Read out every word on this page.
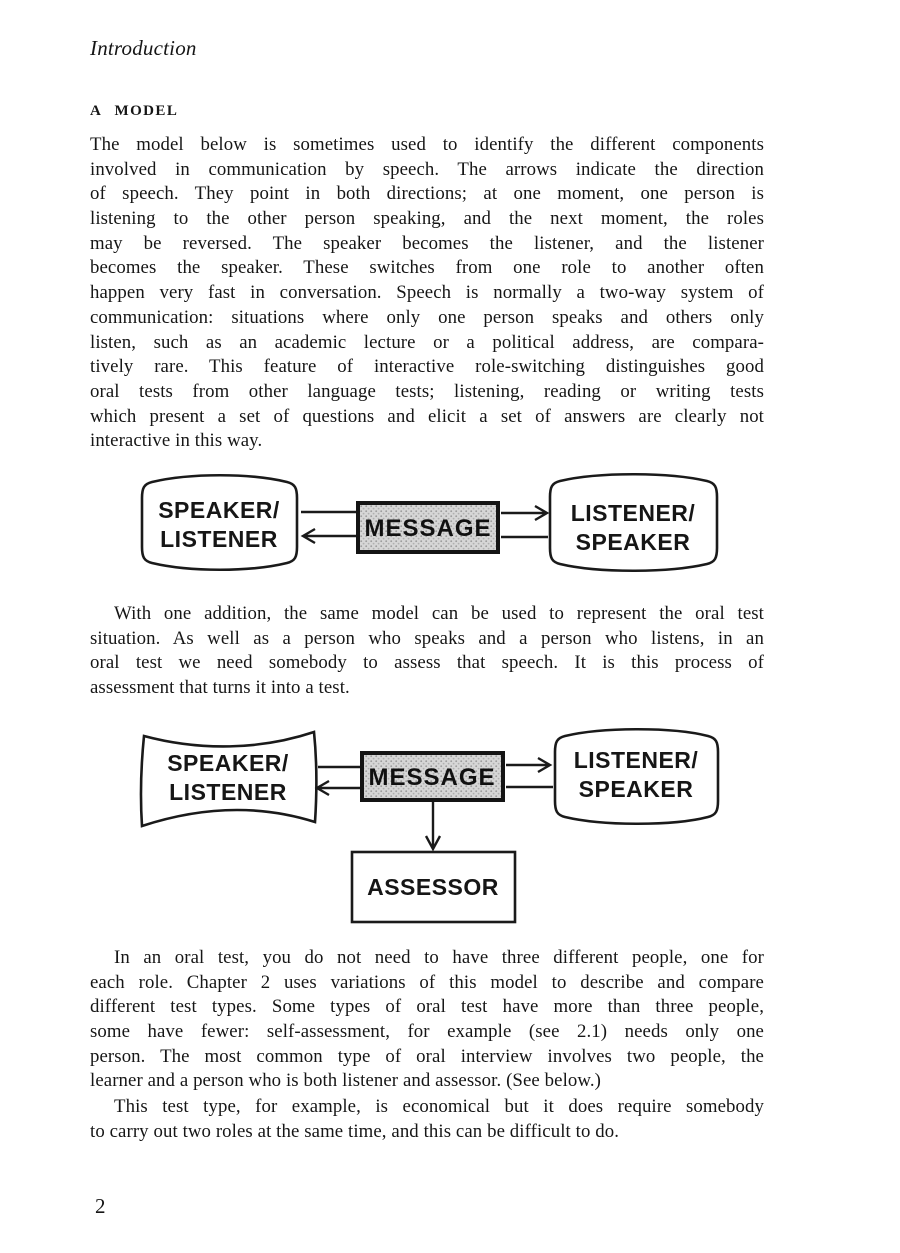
Introduction
A MODEL
The model below is sometimes used to identify the different components
involved in communication by speech. The arrows indicate the direction
of speech. They point in both directions; at one moment, one person is
listening to the other person speaking, and the next moment, the roles
may be reversed. The speaker becomes the listener, and the listener
becomes the speaker. These switches from one role to another often
happen very fast in conversation. Speech is normally a two-way system of
communication: situations where only one person speaks and others only
listen, such as an academic lecture or a political address, are compara-
tively rare. This feature of interactive role-switching distinguishes good
oral tests from other language tests; listening, reading or writing tests
which present a set of questions and elicit a set of answers are clearly not
interactive in this way.
SPEAKER/
LISTENER	MESSAGE
LISTENER/
SPEAKER
With one addition, the same model can be used to represent the oral test
situation. As well as a person who speaks and a person who listens, in an
oral test we need somebody to assess that speech. It is this process of
assessment that turns it into a test.
SPEAKER/
LISTENER
MESSAGE
LISTENER/
SPEAKER
ASSESSOR
In an oral test, you do not need to have three different people, one for
each role. Chapter 2 uses variations of this model to describe and compare
different test types. Some types of oral test have more than three people,
some have fewer: self-assessment, for example (see 2.1) needs only one
person. The most common type of oral interview involves two people, the
learner and a person who is both listener and assessor. (See below.)
This test type, for example, is economical but it does require somebody
to carry out two roles at the same time, and this can be difficult to do.
2
